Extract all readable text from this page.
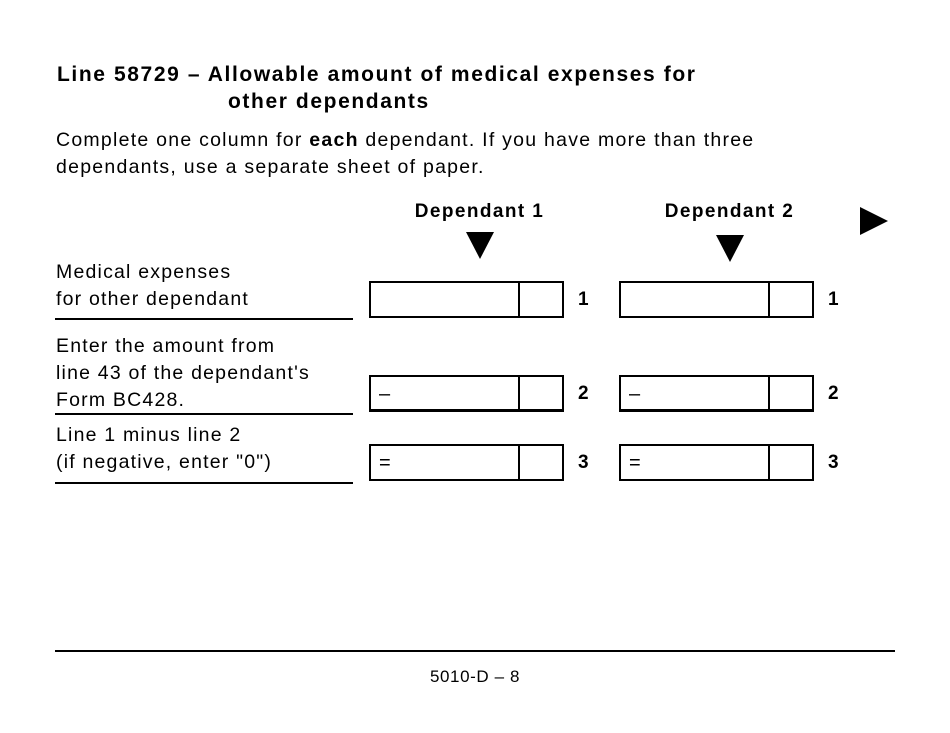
Line 58729 – Allowable amount of medical expenses for
other dependants

Complete one column for each dependant. If you have more than three
dependants, use a separate sheet of paper.

Dependant 1	Dependant 2
Medical expenses
for other dependant	1	1
Enter the amount from
line 43 of the dependant's
Form BC428.	–	2 –	2
Line 1 minus line 2
(if negative, enter "0")	=	3 =	3
5010-D – 8
